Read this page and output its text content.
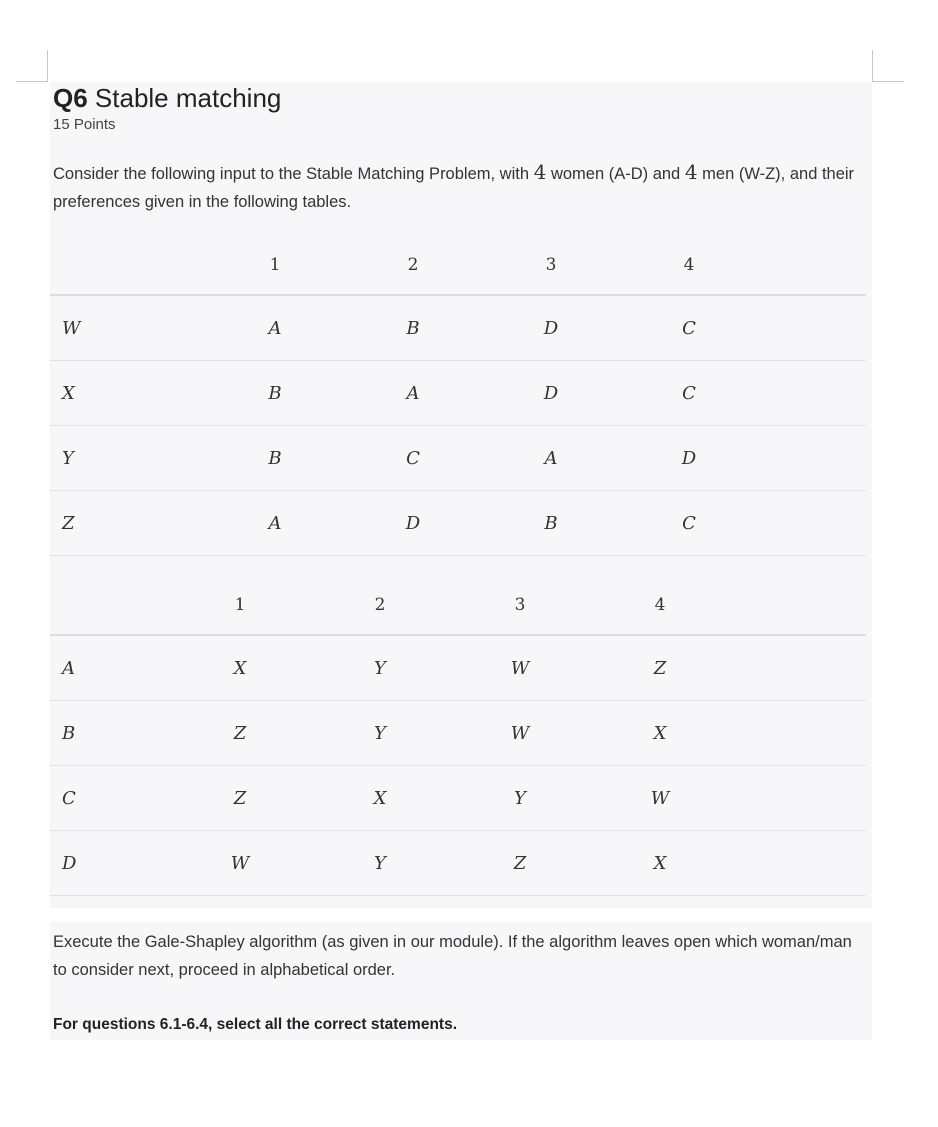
Q6 Stable matching
15 Points
Consider the following input to the Stable Matching Problem, with 4 women (A-D) and 4 men (W-Z), and their preferences given in the following tables.
	1	2	3	4	
W	A	B	D	C	
X	B	A	D	C	
Y	B	C	A	D	
Z	A	D	B	C	
	1	2	3	4	
A	X	Y	W	Z	
B	Z	Y	W	X	
C	Z	X	Y	W	
D	W	Y	Z	X	
Execute the Gale-Shapley algorithm (as given in our module). If the algorithm leaves open which woman/man to consider next, proceed in alphabetical order.
For questions 6.1-6.4, select all the correct statements.
